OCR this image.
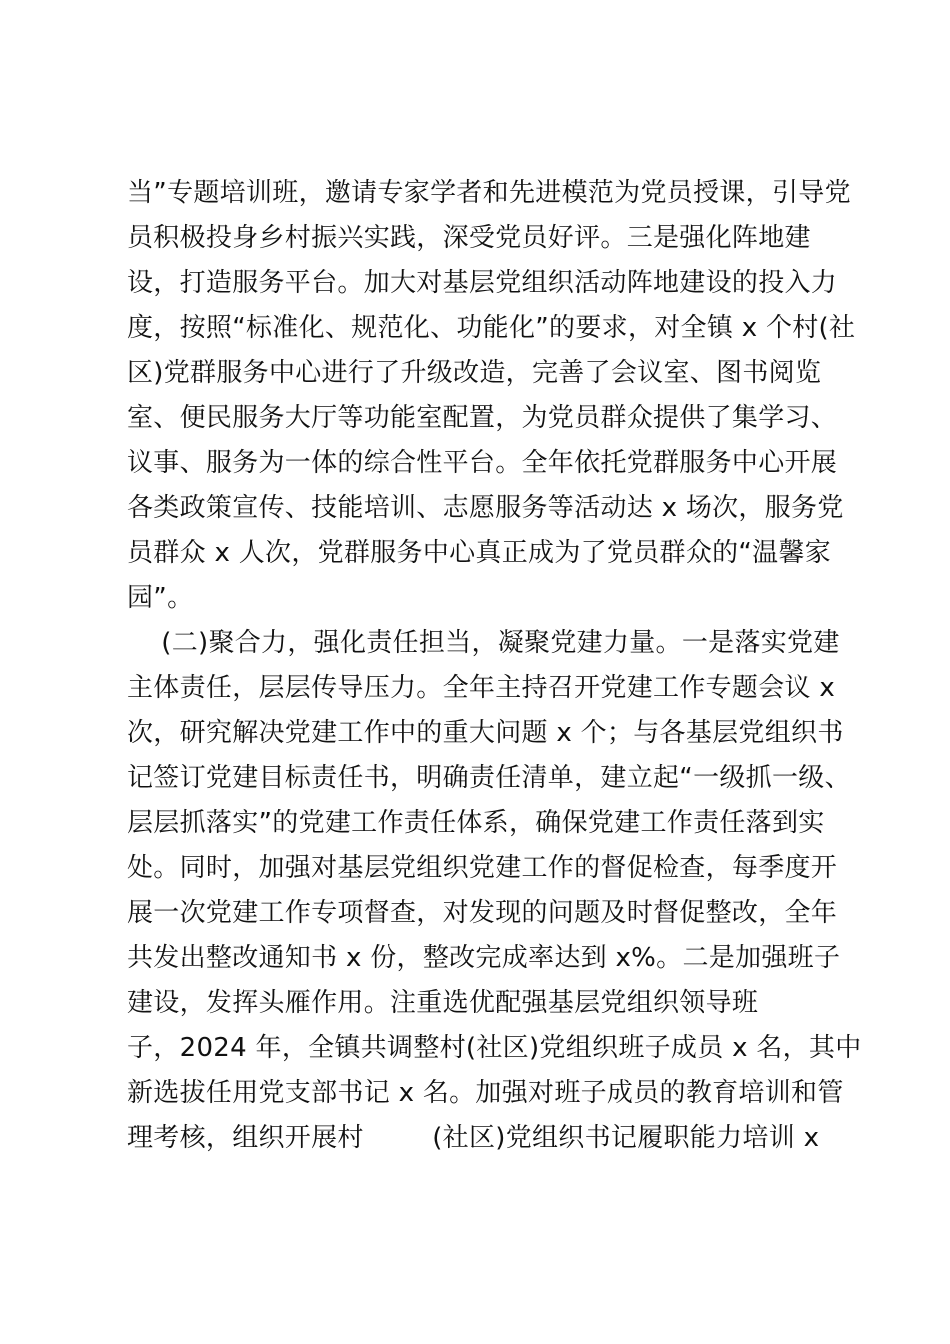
当”专题培训班，邀请专家学者和先进模范为党员授课，引导党
员积极投身乡村振兴实践，深受党员好评。三是强化阵地建
设，打造服务平台。加大对基层党组织活动阵地建设的投入力
度，按照“标准化、规范化、功能化”的要求，对全镇 x 个村(社
区)党群服务中心进行了升级改造，完善了会议室、图书阅览
室、便民服务大厅等功能室配置，为党员群众提供了集学习、
议事、服务为一体的综合性平台。全年依托党群服务中心开展
各类政策宣传、技能培训、志愿服务等活动达 x 场次，服务党
员群众 x 人次，党群服务中心真正成为了党员群众的“温馨家
园”。
(二)聚合力，强化责任担当，凝聚党建力量。一是落实党建
主体责任，层层传导压力。全年主持召开党建工作专题会议 x
次，研究解决党建工作中的重大问题 x 个；与各基层党组织书
记签订党建目标责任书，明确责任清单，建立起“一级抓一级、
层层抓落实”的党建工作责任体系，确保党建工作责任落到实
处。同时，加强对基层党组织党建工作的督促检查，每季度开
展一次党建工作专项督查，对发现的问题及时督促整改，全年
共发出整改通知书 x 份，整改完成率达到 x%。二是加强班子
建设，发挥头雁作用。注重选优配强基层党组织领导班
子，2024 年，全镇共调整村(社区)党组织班子成员 x 名，其中
新选拔任用党支部书记 x 名。加强对班子成员的教育培训和管
理考核，组织开展村        (社区)党组织书记履职能力培训 x
